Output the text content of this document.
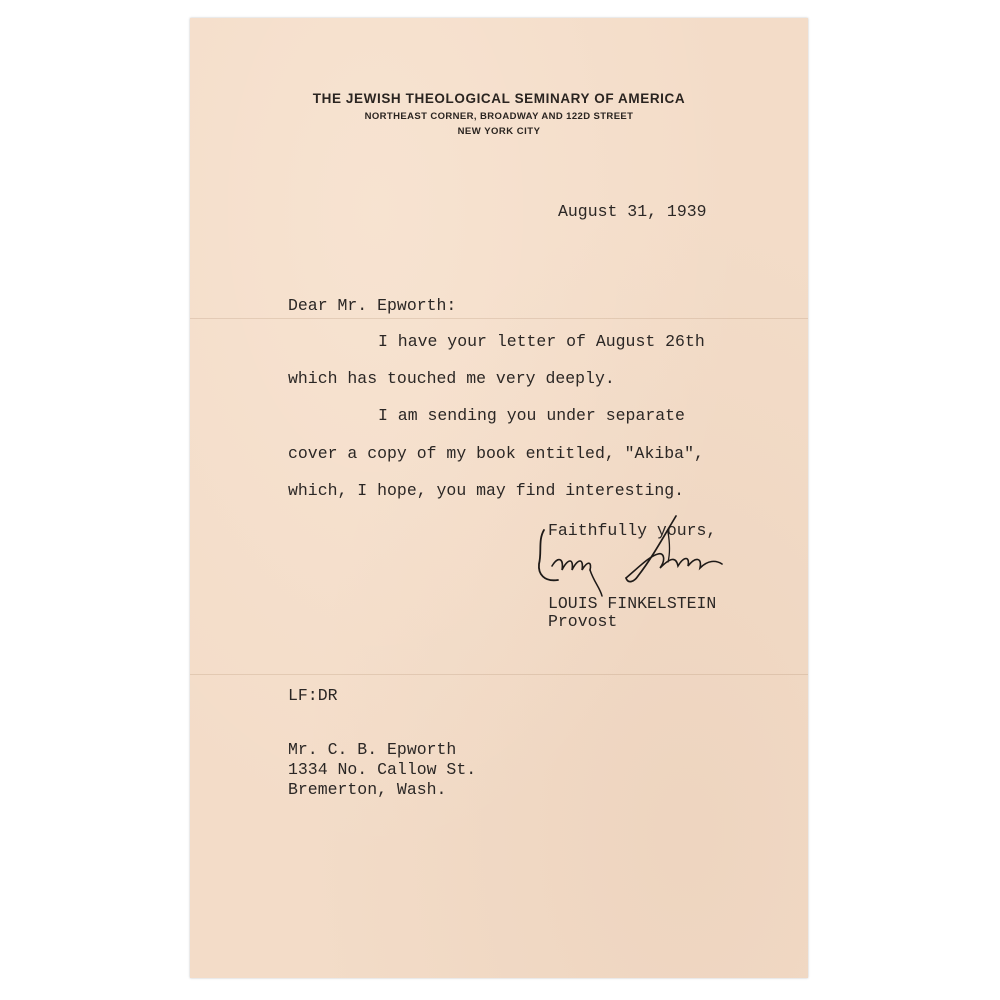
THE JEWISH THEOLOGICAL SEMINARY OF AMERICA
NORTHEAST CORNER, BROADWAY AND 122D STREET
NEW YORK CITY
August 31, 1939
Dear Mr. Epworth:
I have your letter of August 26th
which has touched me very deeply.
I am sending you under separate
cover a copy of my book entitled, "Akiba",
which, I hope, you may find interesting.
Faithfully yours,
LOUIS FINKELSTEIN
Provost
LF:DR
Mr. C. B. Epworth
1334 No. Callow St.
Bremerton, Wash.
